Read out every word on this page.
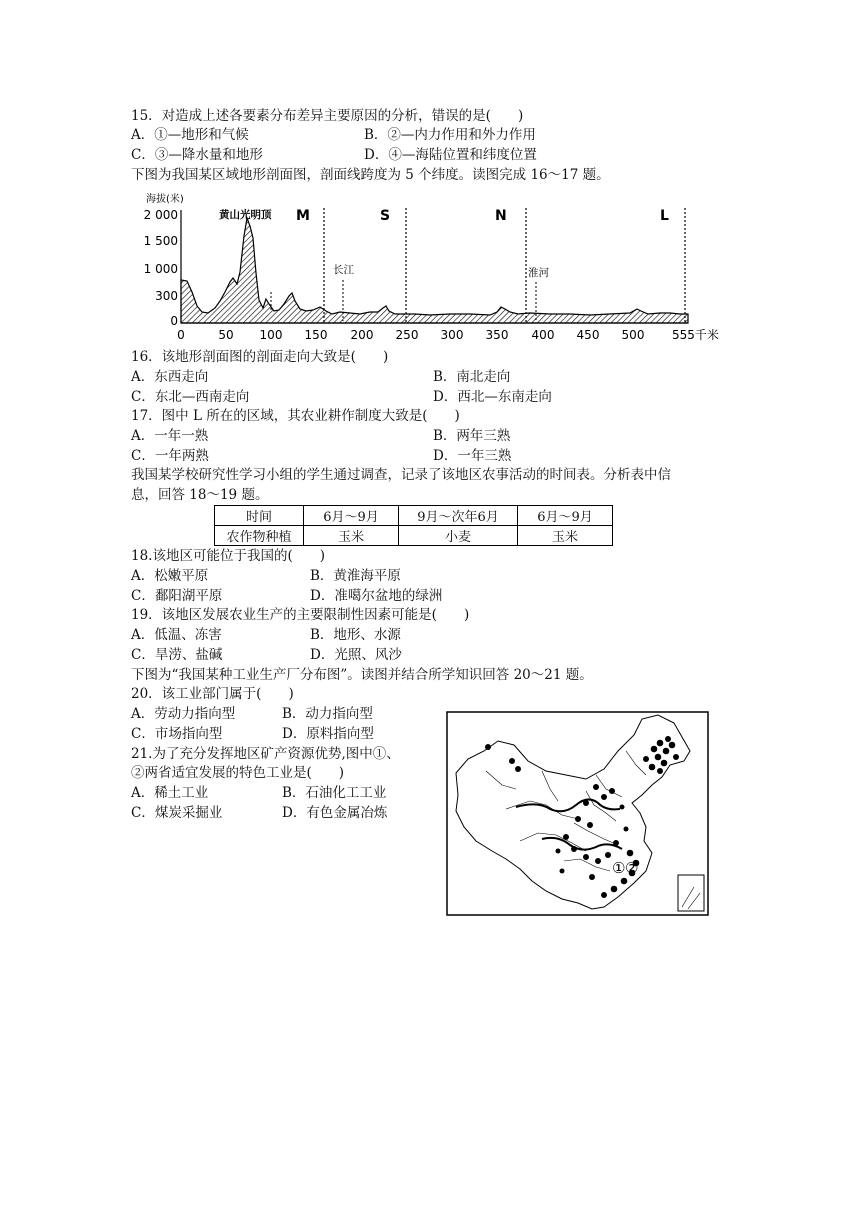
15．对造成上述各要素分布差异主要原因的分析，错误的是(　　)
A．①—地形和气候	B．②—内力作用和外力作用
C．③—降水量和地形	D．④—海陆位置和纬度位置
下图为我国某区域地形剖面图，剖面线跨度为 5 个纬度。读图完成 16～17 题。
海拔(米)
2 000
1 500
1 000
300
0
M	S	N	L
黄山光明顶
长江	淮河
0	50 100 150 200 250 300 350 400 450 500 555千米
16．该地形剖面图的剖面走向大致是(　　)
A．东西走向	B．南北走向
C．东北—西南走向	D．西北—东南走向
17．图中 L 所在的区域，其农业耕作制度大致是(　　)
A．一年一熟	B．两年三熟
C．一年两熟	D．一年三熟
我国某学校研究性学习小组的学生通过调查，记录了该地区农事活动的时间表。分析表中信
息，回答 18～19 题。
时间	6月～9月	9月～次年6月	6月～9月
农作物种植	玉米	小麦	玉米
18.该地区可能位于我国的(　　)
A．松嫩平原	B．黄淮海平原
C．鄱阳湖平原	D．准噶尔盆地的绿洲
19．该地区发展农业生产的主要限制性因素可能是(　　)
A．低温、冻害	B．地形、水源
C．旱涝、盐碱	D．光照、风沙
下图为“我国某种工业生产厂分布图”。读图并结合所学知识回答 20～21 题。
20．该工业部门属于(　　)
A．劳动力指向型	B．动力指向型
C．市场指向型	D．原料指向型
21.为了充分发挥地区矿产资源优势,图中①、
②两省适宜发展的特色工业是(　　)
A．稀土工业	B．石油化工工业
C．煤炭采掘业	D．有色金属冶炼
① ②
